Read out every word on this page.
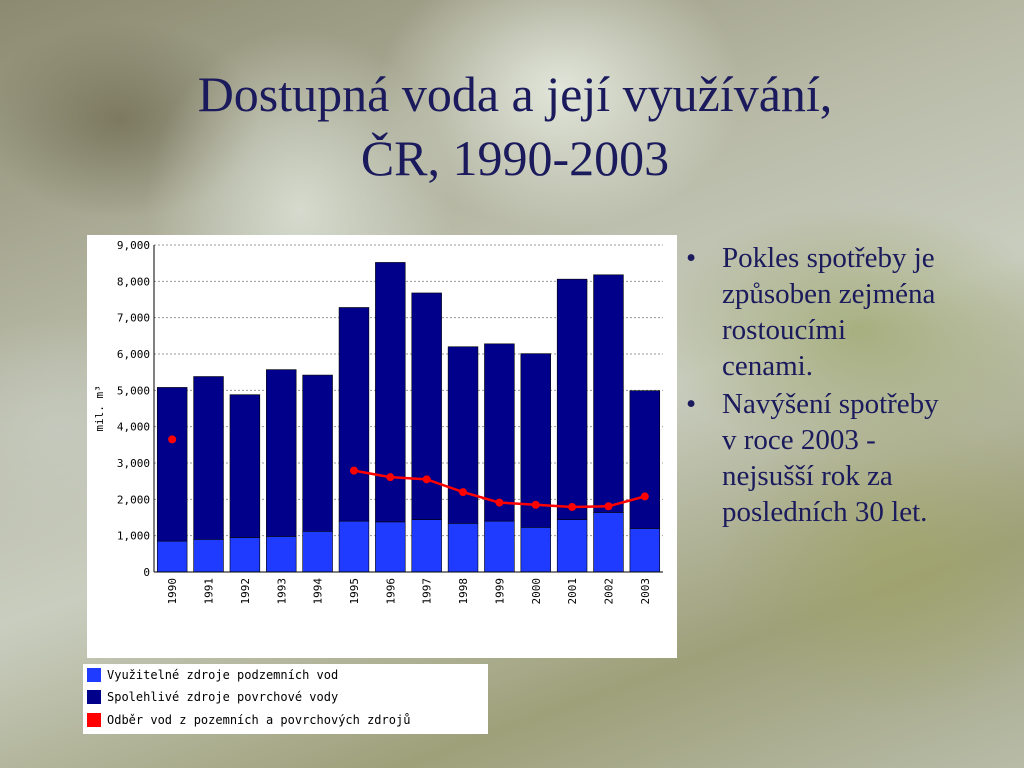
Dostupná voda a její využívání,
ČR, 1990-2003
0
1,000
2,000
3,000
4,000
5,000
6,000
7,000
8,000
9,000
mil. m³
1990 1991 1992 1993 1994 1995 1996 1997 1998 1999 2000 2001 2002 2003
Využitelné zdroje podzemních vod
Spolehlivé zdroje povrchové vody
Odběr vod z pozemních a povrchových zdrojů
• Pokles spotřeby je způsoben zejména rostoucími cenami.
• Navýšení spotřeby v roce 2003 - nejsušší rok za posledních 30 let.
